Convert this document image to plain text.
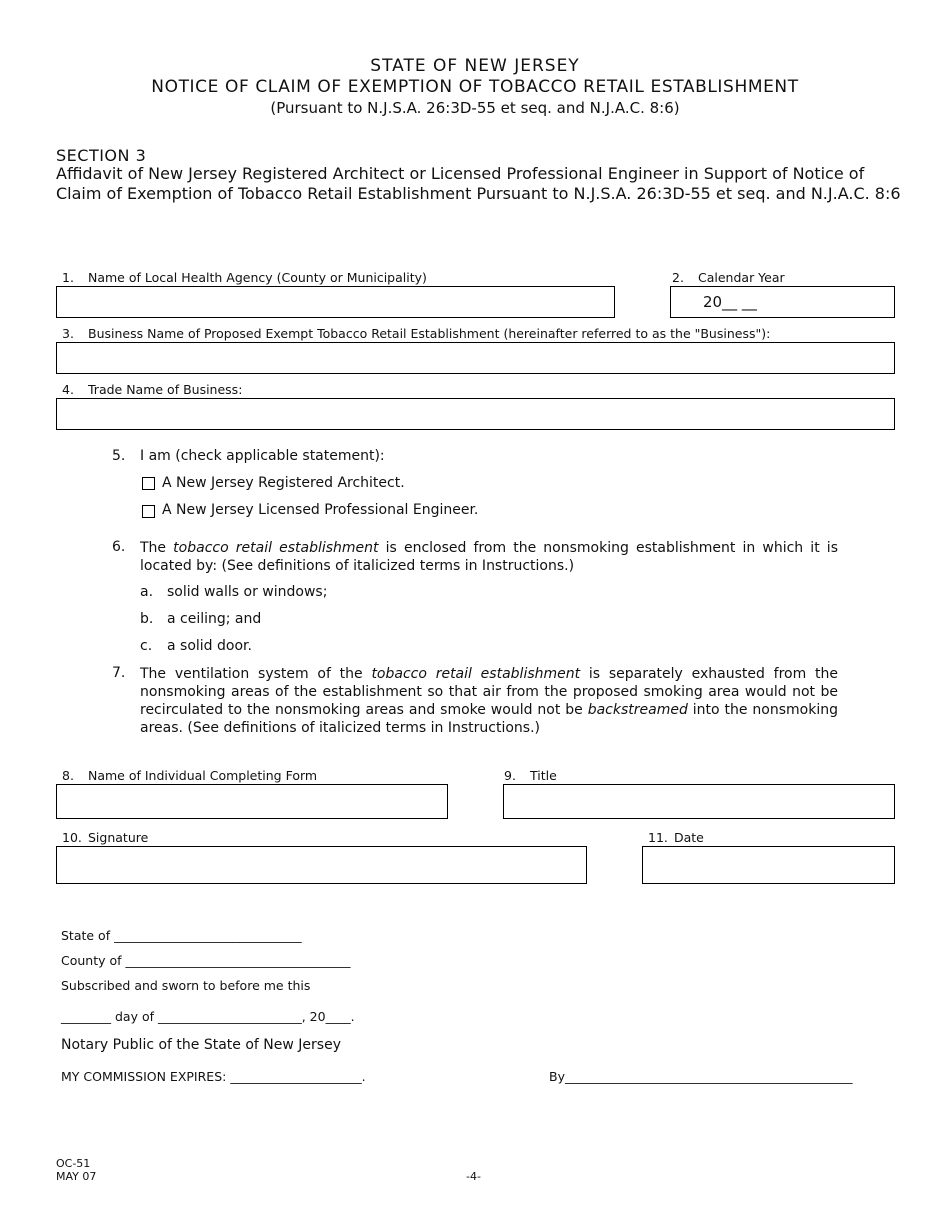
STATE OF NEW JERSEY
NOTICE OF CLAIM OF EXEMPTION OF TOBACCO RETAIL ESTABLISHMENT
(Pursuant to N.J.S.A. 26:3D-55 et seq. and N.J.A.C. 8:6)
SECTION 3
Affidavit of New Jersey Registered Architect or Licensed Professional Engineer in Support of Notice of Claim of Exemption of Tobacco Retail Establishment Pursuant to N.J.S.A. 26:3D-55 et seq. and N.J.A.C. 8:6
1. Name of Local Health Agency (County or Municipality)	2. Calendar Year
20__ __
3. Business Name of Proposed Exempt Tobacco Retail Establishment (hereinafter referred to as the "Business"):
4. Trade Name of Business:
5. I am (check applicable statement):
A New Jersey Registered Architect.
A New Jersey Licensed Professional Engineer.
6. The tobacco retail establishment is enclosed from the nonsmoking establishment in which it is located by: (See definitions of italicized terms in Instructions.)
a. solid walls or windows;
b. a ceiling; and
c. a solid door.
7. The ventilation system of the tobacco retail establishment is separately exhausted from the nonsmoking areas of the establishment so that air from the proposed smoking area would not be recirculated to the nonsmoking areas and smoke would not be backstreamed into the nonsmoking areas. (See definitions of italicized terms in Instructions.)
8. Name of Individual Completing Form	9. Title
10. Signature	11. Date
State of ______________________________
County of ____________________________________
Subscribed and sworn to before me this
________ day of _______________________, 20____.
Notary Public of the State of New Jersey
MY COMMISSION EXPIRES: _____________________.	By______________________________________________
OC-51
MAY 07	-4-
